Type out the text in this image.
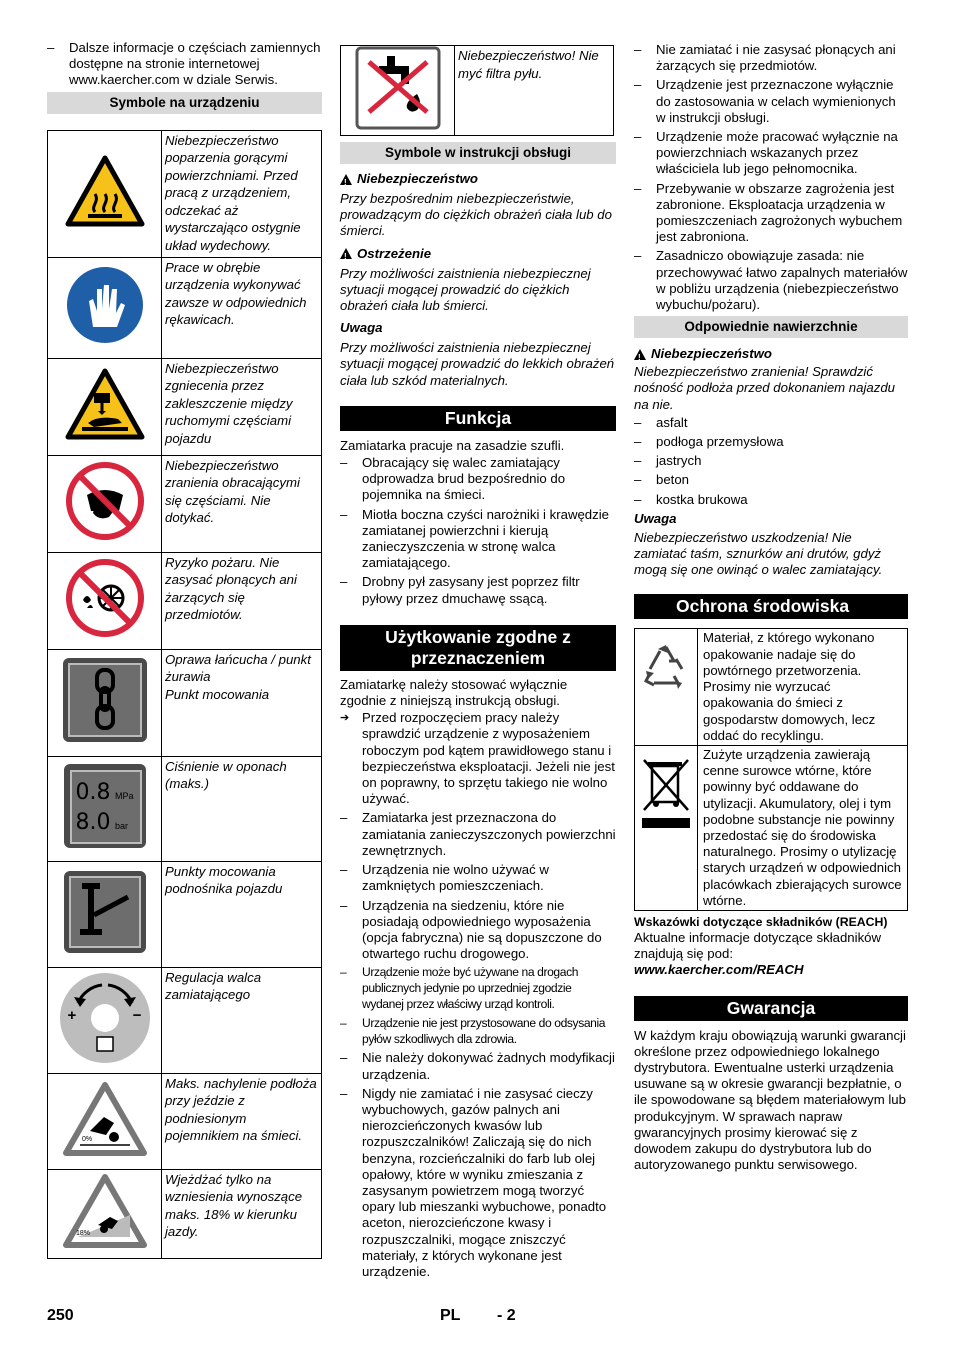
– Dalsze informacje o częściach zamiennych dostępne na stronie internetowej www.kaercher.com w dziale Serwis.
Symbole na urządzeniu
	Niebezpieczeństwo poparzenia gorącymi powierzchniami. Przed pracą z urządzeniem, odczekać aż wystarczająco ostygnie układ wydechowy.
	Prace w obrębie urządzenia wykonywać zawsze w odpowiednich rękawicach.
	Niebezpieczeństwo zgniecenia przez zakleszczenie między ruchomymi częściami pojazdu
	Niebezpieczeństwo zranienia obracającymi się częściami. Nie dotykać.
	Ryzyko pożaru. Nie zasysać płonących ani żarzących się przedmiotów.
	Oprawa łańcucha / punkt żurawia
Punkt mocowania

0.8 MPa
8.0 bar	Ciśnienie w oponach (maks.)
	Punkty mocowania podnośnika pojazdu

+ −	Regulacja walca zamiatającego

0%	Maks. nachylenie podłoża przy jeździe z podniesionym pojemnikiem na śmieci.

18%	Wjeżdżać tylko na wzniesienia wynoszące maks. 18% w kierunku jazdy.
	Niebezpieczeństwo! Nie myć filtra pyłu.
Symbole w instrukcji obsługi
!
Niebezpieczeństwo

Przy bezpośrednim niebezpieczeństwie, prowadzącym do ciężkich obrażeń ciała lub do śmierci.

!
Ostrzeżenie

Przy możliwości zaistnienia niebezpiecznej sytuacji mogącej prowadzić do ciężkich obrażeń ciała lub śmierci.

Uwaga

Przy możliwości zaistnienia niebezpiecznej sytuacji mogącej prowadzić do lekkich obrażeń ciała lub szkód materialnych.

Funkcja

Zamiatarka pracuje na zasadzie szufli.

– Obracający się walec zamiatający odprowadza brud bezpośrednio do pojemnika na śmieci.
– Miotła boczna czyści narożniki i krawędzie zamiatanej powierzchni i kierują zanieczyszczenia w stronę walca zamiatającego.
– Drobny pył zasysany jest poprzez filtr pyłowy przez dmuchawę ssącą.
Użytkowanie zgodne z przeznaczeniem

Zamiatarkę należy stosować wyłącznie zgodnie z niniejszą instrukcją obsługi.

➔ Przed rozpoczęciem pracy należy sprawdzić urządzenie z wyposażeniem roboczym pod kątem prawidłowego stanu i bezpieczeństwa eksploatacji. Jeżeli nie jest on poprawny, to sprzętu takiego nie wolno używać.
– Zamiatarka jest przeznaczona do zamiatania zanieczyszczonych powierzchni zewnętrznych.
– Urządzenia nie wolno używać w zamkniętych pomieszczeniach.
– Urządzenia na siedzeniu, które nie posiadają odpowiedniego wyposażenia (opcja fabryczna) nie są dopuszczone do otwartego ruchu drogowego.
– Urządzenie może być używane na drogach publicznych jedynie po uprzedniej zgodzie wydanej przez właściwy urząd kontroli.
– Urządzenie nie jest przystosowane do odsysania pyłów szkodliwych dla zdrowia.
– Nie należy dokonywać żadnych modyfikacji urządzenia.
– Nigdy nie zamiatać i nie zasysać cieczy wybuchowych, gazów palnych ani nierozcieńczonych kwasów lub rozpuszczalników! Zaliczają się do nich benzyna, rozcieńczalniki do farb lub olej opałowy, które w wyniku zmieszania z zasysanym powietrzem mogą tworzyć opary lub mieszanki wybuchowe, ponadto aceton, nierozcieńczone kwasy i rozpuszczalniki, mogące zniszczyć materiały, z których wykonane jest urządzenie.
– Nie zamiatać i nie zasysać płonących ani żarzących się przedmiotów.
– Urządzenie jest przeznaczone wyłącznie do zastosowania w celach wymienionych w instrukcji obsługi.
– Urządzenie może pracować wyłącznie na powierzchniach wskazanych przez właściciela lub jego pełnomocnika.
– Przebywanie w obszarze zagrożenia jest zabronione. Eksploatacja urządzenia w pomieszczeniach zagrożonych wybuchem jest zabroniona.
– Zasadniczo obowiązuje zasada: nie przechowywać łatwo zapalnych materiałów w pobliżu urządzenia (niebezpieczeństwo wybuchu/pożaru).
Odpowiednie nawierzchnie
!
Niebezpieczeństwo

Niebezpieczeństwo zranienia! Sprawdzić nośność podłoża przed dokonaniem najazdu na nie.

– asfalt
– podłoga przemysłowa
– jastrych
– beton
– kostka brukowa
Uwaga

Niebezpieczeństwo uszkodzenia! Nie zamiatać taśm, sznurków ani drutów, gdyż mogą się one owinąć o walec zamiatający.

Ochrona środowiska
	Materiał, z którego wykonano opakowanie nadaje się do powtórnego przetworzenia. Prosimy nie wyrzucać opakowania do śmieci z gospodarstw domowych, lecz oddać do recyklingu.
	Zużyte urządzenia zawierają cenne surowce wtórne, które powinny być oddawane do utylizacji. Akumulatory, olej i tym podobne substancje nie powinny przedostać się do środowiska naturalnego. Prosimy o utylizację starych urządzeń w odpowiednich placówkach zbierających surowce wtórne.
Wskazówki dotyczące składników (REACH)

Aktualne informacje dotyczące składników znajdują się pod:

www.kaercher.com/REACH

Gwarancja

W każdym kraju obowiązują warunki gwarancji określone przez odpowiedniego lokalnego dystrybutora. Ewentualne usterki urządzenia usuwane są w okresie gwarancji bezpłatnie, o ile spowodowane są błędem materiałowym lub produkcyjnym. W sprawach napraw gwarancyjnych prosimy kierować się z dowodem zakupu do dystrybutora lub do autoryzowanego punktu serwisowego.

250	PL - 2
